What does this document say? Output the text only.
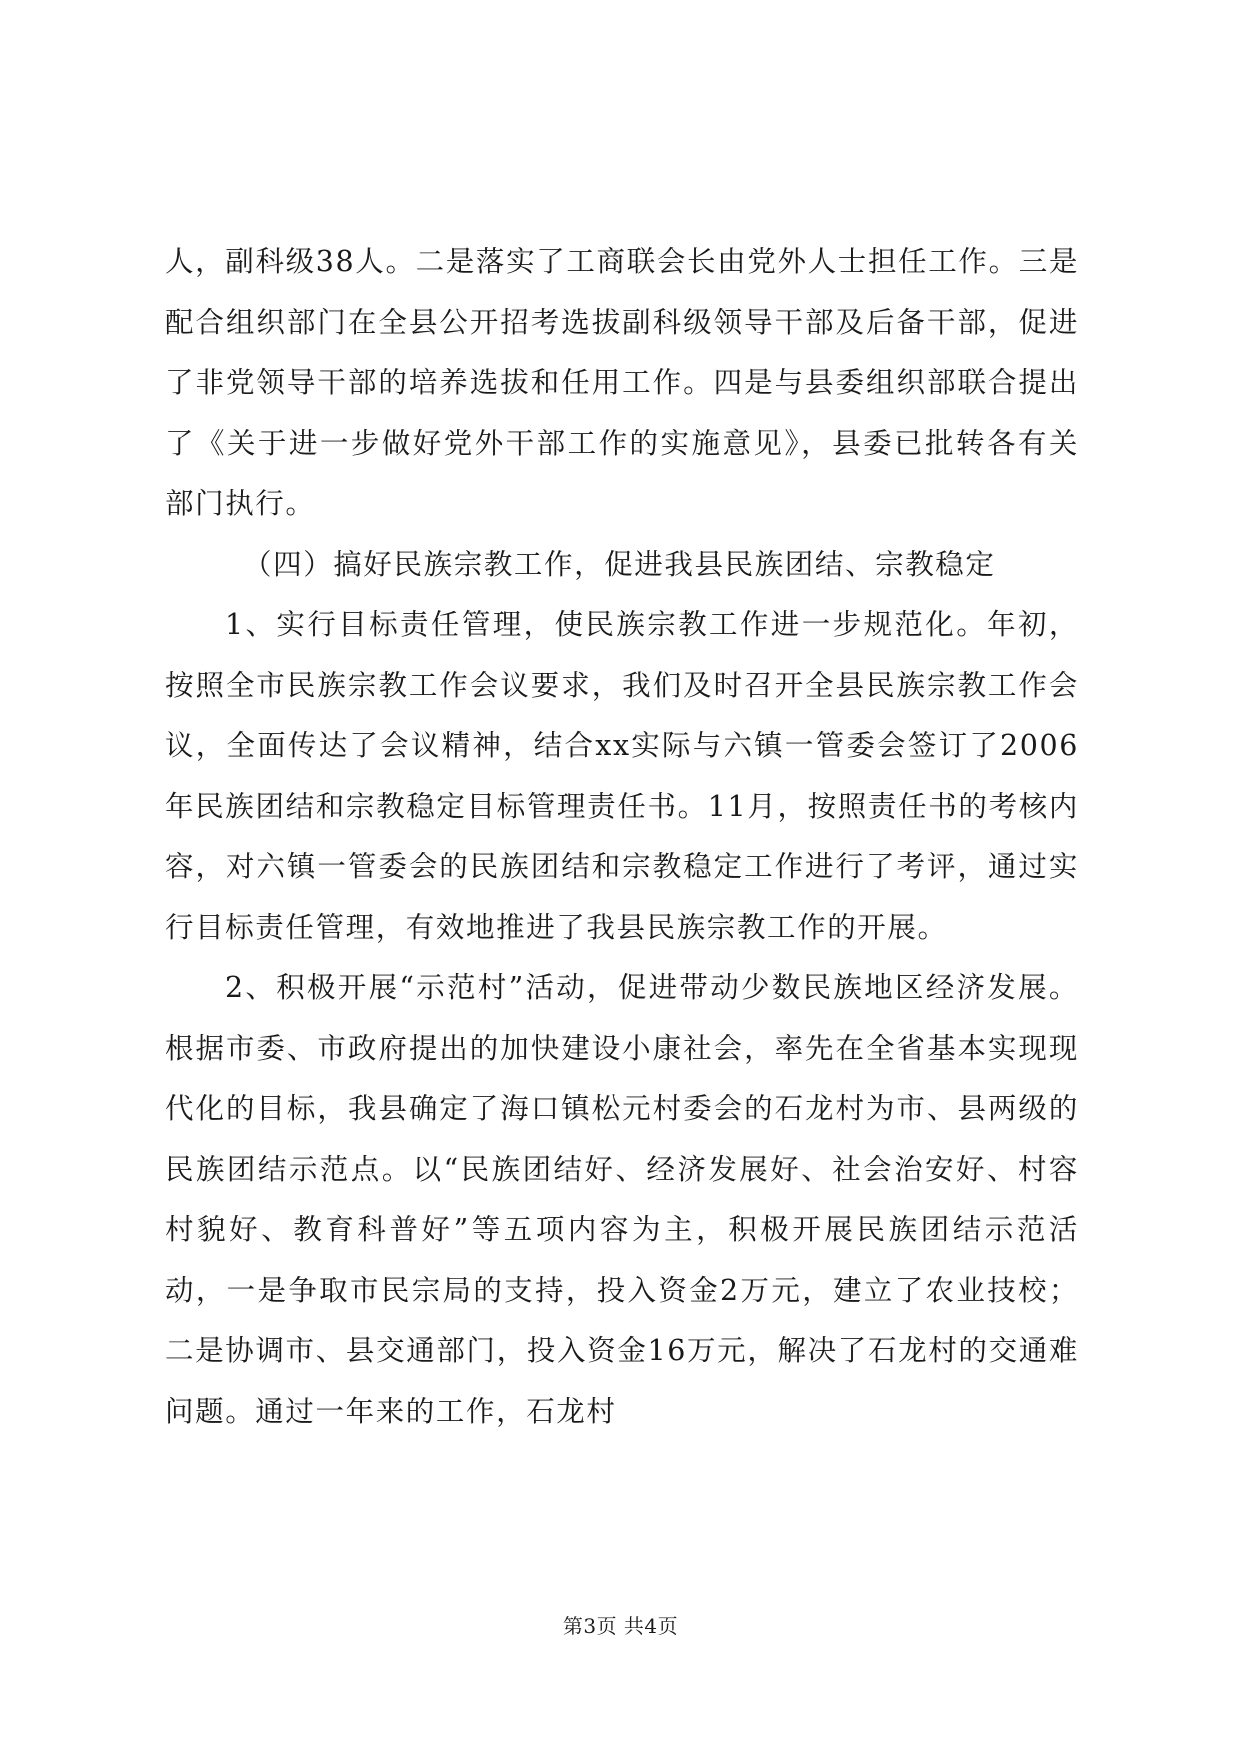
人，副科级38人。二是落实了工商联会长由党外人士担任工作。三是配合组织部门在全县公开招考选拔副科级领导干部及后备干部，促进了非党领导干部的培养选拔和任用工作。四是与县委组织部联合提出了《关于进一步做好党外干部工作的实施意见》，县委已批转各有关部门执行。

（四）搞好民族宗教工作，促进我县民族团结、宗教稳定

1、实行目标责任管理，使民族宗教工作进一步规范化。年初，按照全市民族宗教工作会议要求，我们及时召开全县民族宗教工作会议，全面传达了会议精神，结合xx实际与六镇一管委会签订了2006年民族团结和宗教稳定目标管理责任书。11月，按照责任书的考核内容，对六镇一管委会的民族团结和宗教稳定工作进行了考评，通过实行目标责任管理，有效地推进了我县民族宗教工作的开展。

2、积极开展“示范村”活动，促进带动少数民族地区经济发展。根据市委、市政府提出的加快建设小康社会，率先在全省基本实现现代化的目标，我县确定了海口镇松元村委会的石龙村为市、县两级的民族团结示范点。以“民族团结好、经济发展好、社会治安好、村容村貌好、教育科普好”等五项内容为主，积极开展民族团结示范活动，一是争取市民宗局的支持，投入资金2万元，建立了农业技校；二是协调市、县交通部门，投入资金16万元，解决了石龙村的交通难问题。通过一年来的工作，石龙村

第3页 共4页
